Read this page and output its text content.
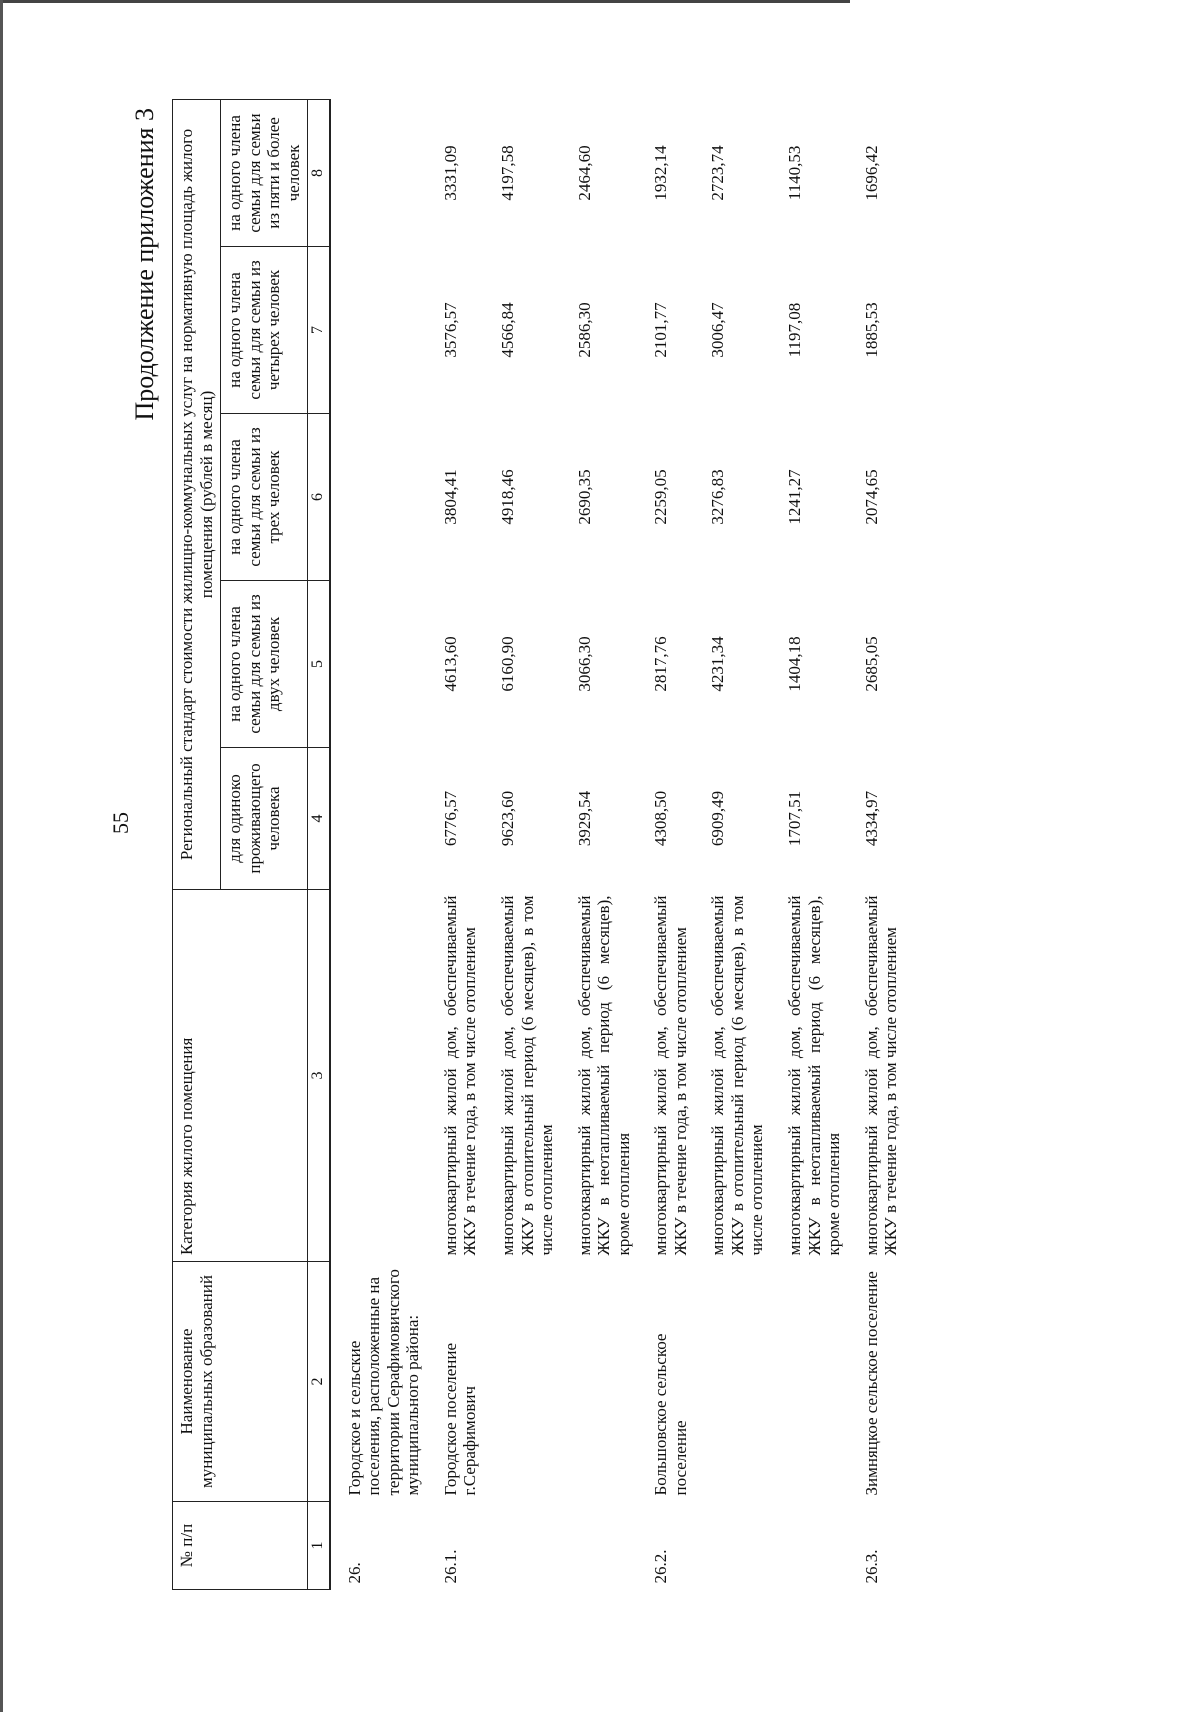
55
Продолжение приложения 3
№ п/п	Наименование муниципальных образований	Категория жилого помещения	Региональный стандарт стоимости жилищно-коммунальных услуг на нормативную площадь жилого помещения (рублей в месяц)				
			для одиноко проживающего человека	на одного члена семьи для семьи из двух человек	на одного члена семьи для семьи из трех человек	на одного члена семьи для семьи из четырех человек	на одного члена семьи для семьи из пяти и более человек
1	2	3	4	5	6	7	8
26.	Городское и сельские поселения, расположенные на территории Серафимовичского муниципального района:						
26.1.	Городское поселение г.Серафимович	многоквартирный жилой дом, обеспечиваемый ЖКУ в течение года, в том числе отоплением	6776,57	4613,60	3804,41	3576,57	3331,09
		многоквартирный жилой дом, обеспечиваемый ЖКУ в отопительный период (6 месяцев), в том числе отоплением	9623,60	6160,90	4918,46	4566,84	4197,58
		многоквартирный жилой дом, обеспечиваемый ЖКУ в неотапливаемый период (6 месяцев), кроме отопления	3929,54	3066,30	2690,35	2586,30	2464,60
26.2.	Большовское сельское поселение	многоквартирный жилой дом, обеспечиваемый ЖКУ в течение года, в том числе отоплением	4308,50	2817,76	2259,05	2101,77	1932,14
		многоквартирный жилой дом, обеспечиваемый ЖКУ в отопительный период (6 месяцев), в том числе отоплением	6909,49	4231,34	3276,83	3006,47	2723,74
		многоквартирный жилой дом, обеспечиваемый ЖКУ в неотапливаемый период (6 месяцев), кроме отопления	1707,51	1404,18	1241,27	1197,08	1140,53
26.3.	Зимняцкое сельское поселение	многоквартирный жилой дом, обеспечиваемый ЖКУ в течение года, в том числе отоплением	4334,97	2685,05	2074,65	1885,53	1696,42
